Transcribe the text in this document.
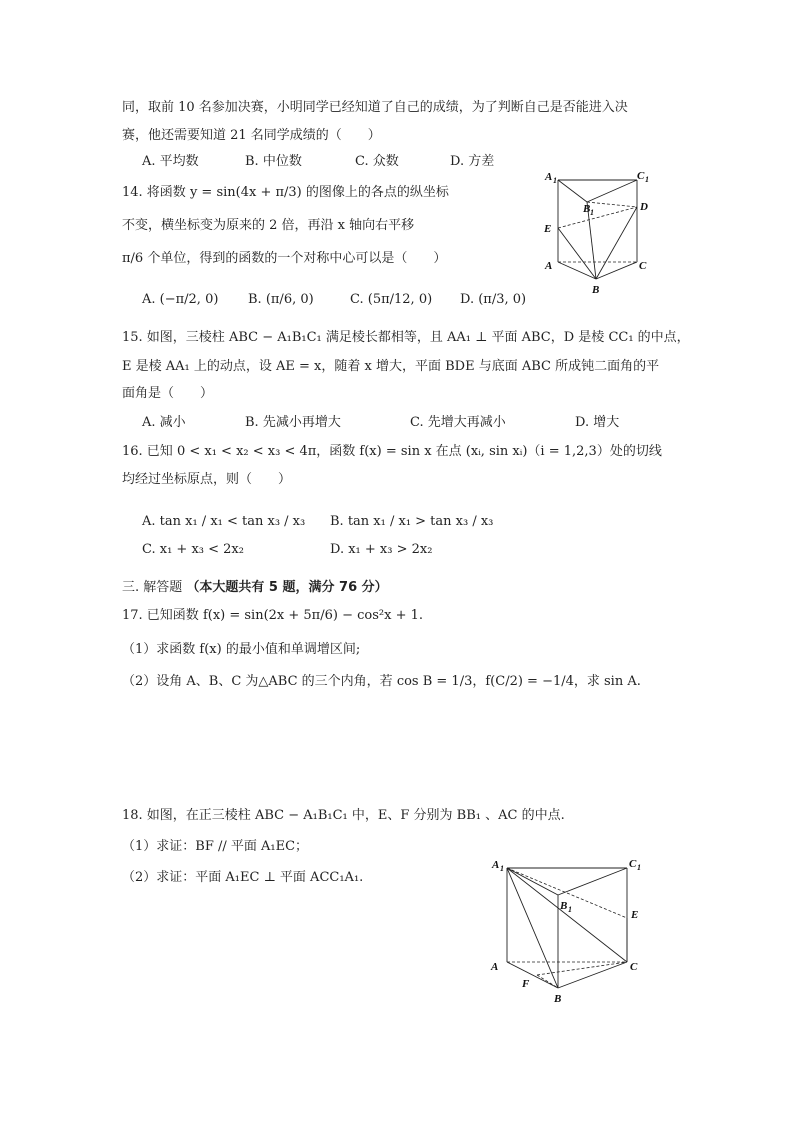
同，取前 10 名参加决赛，小明同学已经知道了自己的成绩，为了判断自己是否能进入决
赛，他还需要知道 21 名同学成绩的（　　）
A. 平均数	B. 中位数	C. 众数	D. 方差
14. 将函数 y = sin(4x + π/3) 的图像上的各点的纵坐标
不变，横坐标变为原来的 2 倍，再沿 x 轴向右平移
π/6 个单位，得到的函数的一个对称中心可以是（　　）
A. (−π/2, 0) B. (π/6, 0)	C. (5π/12, 0) D. (π/3, 0)
A 1	C 1
B 1	D
E
A	C
B
15. 如图，三棱柱 ABC − A₁B₁C₁ 满足棱长都相等，且 AA₁ ⊥ 平面 ABC，D 是棱 CC₁ 的中点，
E 是棱 AA₁ 上的动点，设 AE = x，随着 x 增大，平面 BDE 与底面 ABC 所成钝二面角的平
面角是（　　）
A. 减小	B. 先减小再增大	C. 先增大再减小	D. 增大
16. 已知 0 < x₁ < x₂ < x₃ < 4π，函数 f(x) = sin x 在点 (xᵢ, sin xᵢ)（i = 1,2,3）处的切线
均经过坐标原点，则（　　）
A. tan x₁ / x₁ < tan x₃ / x₃ B. tan x₁ / x₁ > tan x₃ / x₃
C. x₁ + x₃ < 2x₂	D. x₁ + x₃ > 2x₂
三. 解答题 （本大题共有 5 题，满分 76 分）
17. 已知函数 f(x) = sin(2x + 5π/6) − cos²x + 1.
（1）求函数 f(x) 的最小值和单调增区间;
（2）设角 A、B、C 为△ABC 的三个内角，若 cos B = 1/3，f(C/2) = −1/4，求 sin A.
18. 如图，在正三棱柱 ABC − A₁B₁C₁ 中，E、F 分别为 BB₁ 、AC 的中点.
（1）求证：BF // 平面 A₁EC；
（2）求证：平面 A₁EC ⊥ 平面 ACC₁A₁.
A 1	C 1
B 1	E
A
F
C
B
